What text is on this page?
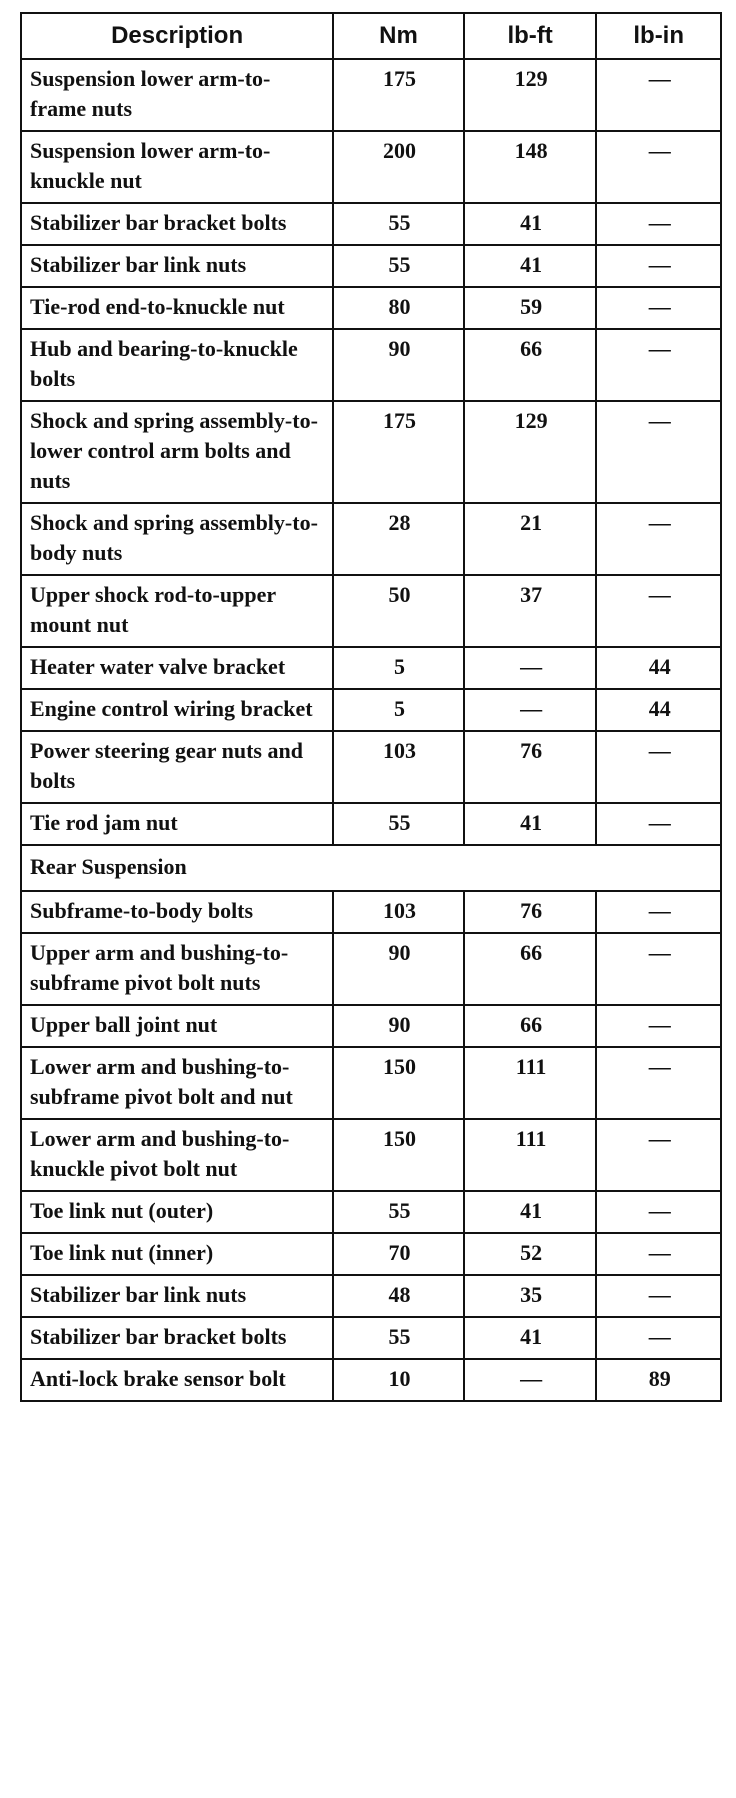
Description	Nm	lb-ft	lb-in
Suspension lower arm-to-frame nuts	175	129	—
Suspension lower arm-to-knuckle nut	200	148	—
Stabilizer bar bracket bolts	55	41	—
Stabilizer bar link nuts	55	41	—
Tie-rod end-to-knuckle nut	80	59	—
Hub and bearing-to-knuckle bolts	90	66	—
Shock and spring assembly-to-lower control arm bolts and nuts	175	129	—
Shock and spring assembly-to-body nuts	28	21	—
Upper shock rod-to-upper mount nut	50	37	—
Heater water valve bracket	5	—	44
Engine control wiring bracket	5	—	44
Power steering gear nuts and bolts	103	76	—
Tie rod jam nut	55	41	—
Rear Suspension			
Subframe-to-body bolts	103	76	—
Upper arm and bushing-to-subframe pivot bolt nuts	90	66	—
Upper ball joint nut	90	66	—
Lower arm and bushing-to-subframe pivot bolt and nut	150	111	—
Lower arm and bushing-to-knuckle pivot bolt nut	150	111	—
Toe link nut (outer)	55	41	—
Toe link nut (inner)	70	52	—
Stabilizer bar link nuts	48	35	—
Stabilizer bar bracket bolts	55	41	—
Anti-lock brake sensor bolt	10	—	89
